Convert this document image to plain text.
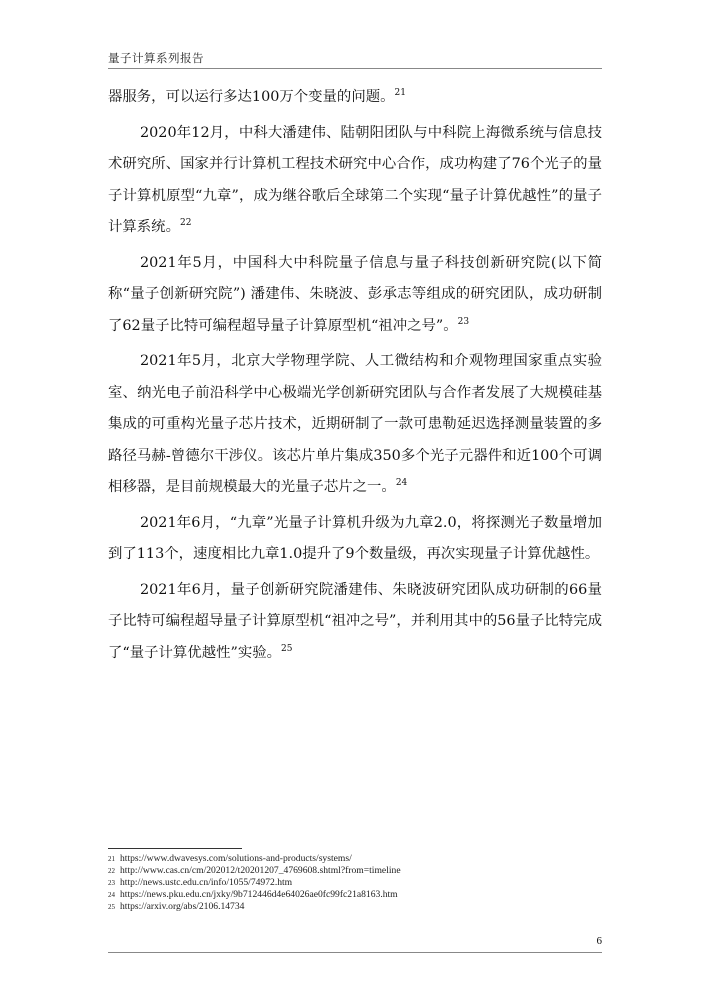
量子计算系列报告

器服务，可以运行多达100万个变量的问题。$^{21}$

2020年12月，中科大潘建伟、陆朝阳团队与中科院上海微系统与信息技术研究所、国家并行计算机工程技术研究中心合作，成功构建了76个光子的量子计算机原型“九章”，成为继谷歌后全球第二个实现“量子计算优越性”的量子计算系统。$^{22}$

2021年5月，中国科大中科院量子信息与量子科技创新研究院(以下简称“量子创新研究院”) 潘建伟、朱晓波、彭承志等组成的研究团队，成功研制了62量子比特可编程超导量子计算原型机“祖冲之号”。$^{23}$

2021年5月，北京大学物理学院、人工微结构和介观物理国家重点实验室、纳光电子前沿科学中心极端光学创新研究团队与合作者发展了大规模硅基集成的可重构光量子芯片技术，近期研制了一款可患勒延迟选择测量装置的多路径马赫-曾德尔干涉仪。该芯片单片集成350多个光子元器件和近100个可调相移器，是目前规模最大的光量子芯片之一。$^{24}$

2021年6月，“九章”光量子计算机升级为九章2.0，将探测光子数量增加到了113个，速度相比九章1.0提升了9个数量级，再次实现量子计算优越性。

2021年6月，量子创新研究院潘建伟、朱晓波研究团队成功研制的66量子比特可编程超导量子计算原型机“祖冲之号”，并利用其中的56量子比特完成了“量子计算优越性”实验。$^{25}$

21 https://www.dwavesys.com/solutions-and-products/systems/
22 http://www.cas.cn/cm/202012/t20201207_4769608.shtml?from=timeline
23 http://news.ustc.edu.cn/info/1055/74972.htm
24 https://news.pku.edu.cn/jxky/9b712446d4e64026ae0fc99fc21a8163.htm
25 https://arxiv.org/abs/2106.14734
6
